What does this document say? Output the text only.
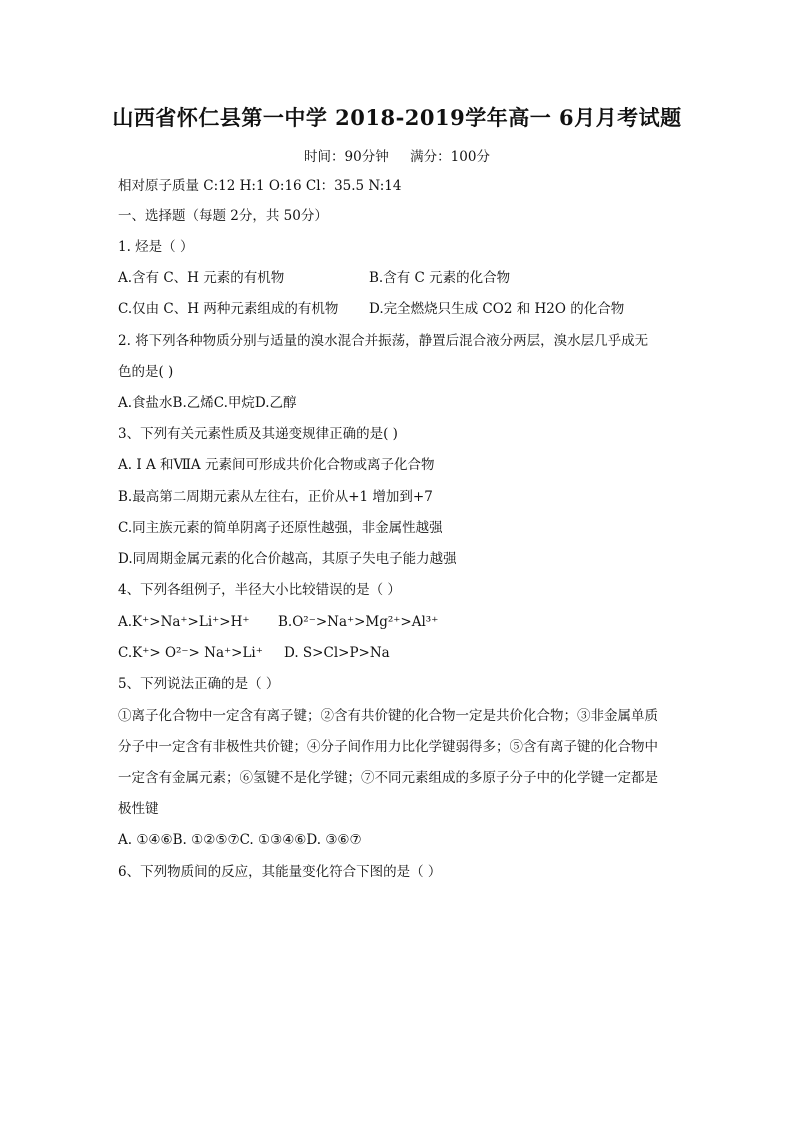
山西省怀仁县第一中学 2018-2019学年高一 6月月考试题
时间：90分钟     满分：100分
相对原子质量 C:12 H:1 O:16 Cl：35.5 N:14
一、选择题（每题 2分，共 50分）
1. 烃是（ ）
A.含有 C、H 元素的有机物	B.含有 C 元素的化合物
C.仅由 C、H 两种元素组成的有机物 D.完全燃烧只生成 CO2 和 H2O 的化合物
2. 将下列各种物质分别与适量的溴水混合并振荡，静置后混合液分两层，溴水层几乎成无
色的是( )
A.食盐水B.乙烯C.甲烷D.乙醇
3、下列有关元素性质及其递变规律正确的是( )
A. Ⅰ A 和ⅦA 元素间可形成共价化合物或离子化合物
B.最高第二周期元素从左往右，正价从+1 增加到+7
C.同主族元素的简单阴离子还原性越强，非金属性越强
D.同周期金属元素的化合价越高，其原子失电子能力越强
4、下列各组例子，半径大小比较错误的是（ ）
A.K⁺>Na⁺>Li⁺>H⁺ B.O²⁻>Na⁺>Mg²⁺>Al³⁺
C.K⁺> O²⁻> Na⁺>Li⁺ D. S>Cl>P>Na
5、下列说法正确的是（ ）
①离子化合物中一定含有离子键；②含有共价键的化合物一定是共价化合物；③非金属单质
分子中一定含有非极性共价键；④分子间作用力比化学键弱得多；⑤含有离子键的化合物中
一定含有金属元素；⑥氢键不是化学键；⑦不同元素组成的多原子分子中的化学键一定都是
极性键
A. ①④⑥B. ①②⑤⑦C. ①③④⑥D. ③⑥⑦
6、下列物质间的反应，其能量变化符合下图的是（ ）
